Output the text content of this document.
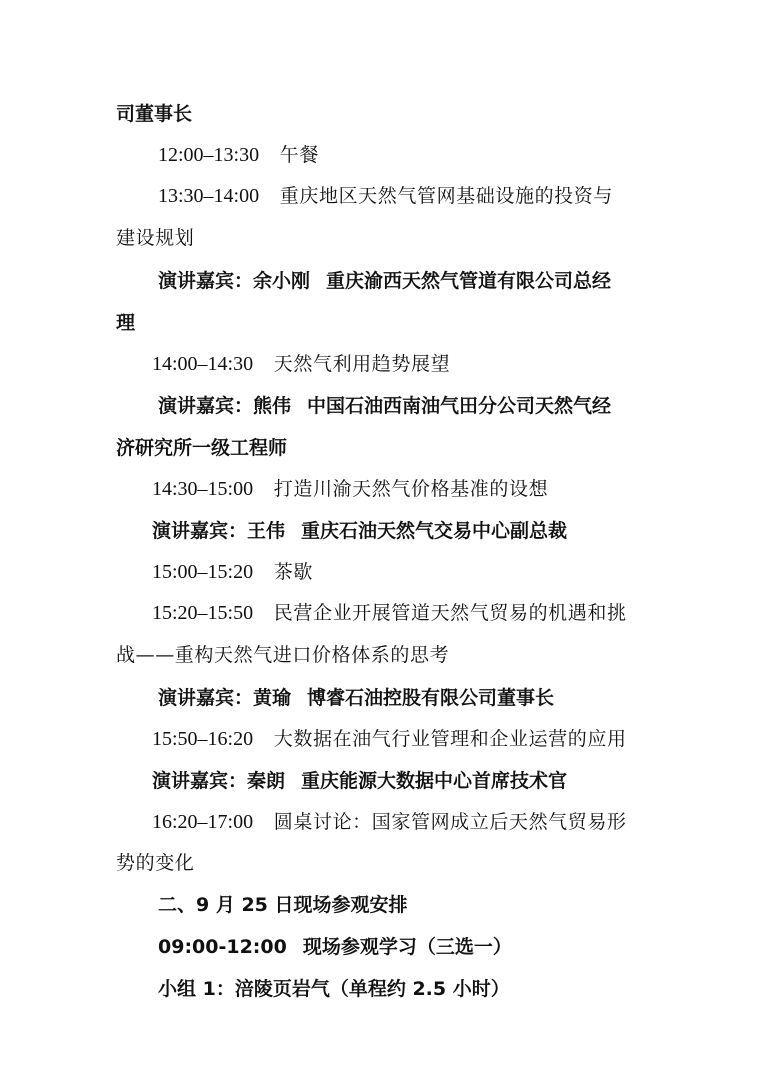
司董事长
12:00–13:30 午餐
13:30–14:00 重庆地区天然气管网基础设施的投资与
建设规划
演讲嘉宾：余小刚 重庆渝西天然气管道有限公司总经
理
14:00–14:30 天然气利用趋势展望
演讲嘉宾：熊伟 中国石油西南油气田分公司天然气经
济研究所一级工程师
14:30–15:00 打造川渝天然气价格基准的设想
演讲嘉宾：王伟 重庆石油天然气交易中心副总裁
15:00–15:20 茶歇
15:20–15:50 民营企业开展管道天然气贸易的机遇和挑
战——重构天然气进口价格体系的思考
演讲嘉宾：黄瑜 博睿石油控股有限公司董事长
15:50–16:20 大数据在油气行业管理和企业运营的应用
演讲嘉宾：秦朗 重庆能源大数据中心首席技术官
16:20–17:00 圆桌讨论：国家管网成立后天然气贸易形
势的变化
二、9 月 25 日现场参观安排
09:00-12:00 现场参观学习（三选一）
小组 1：涪陵页岩气（单程约 2.5 小时）
